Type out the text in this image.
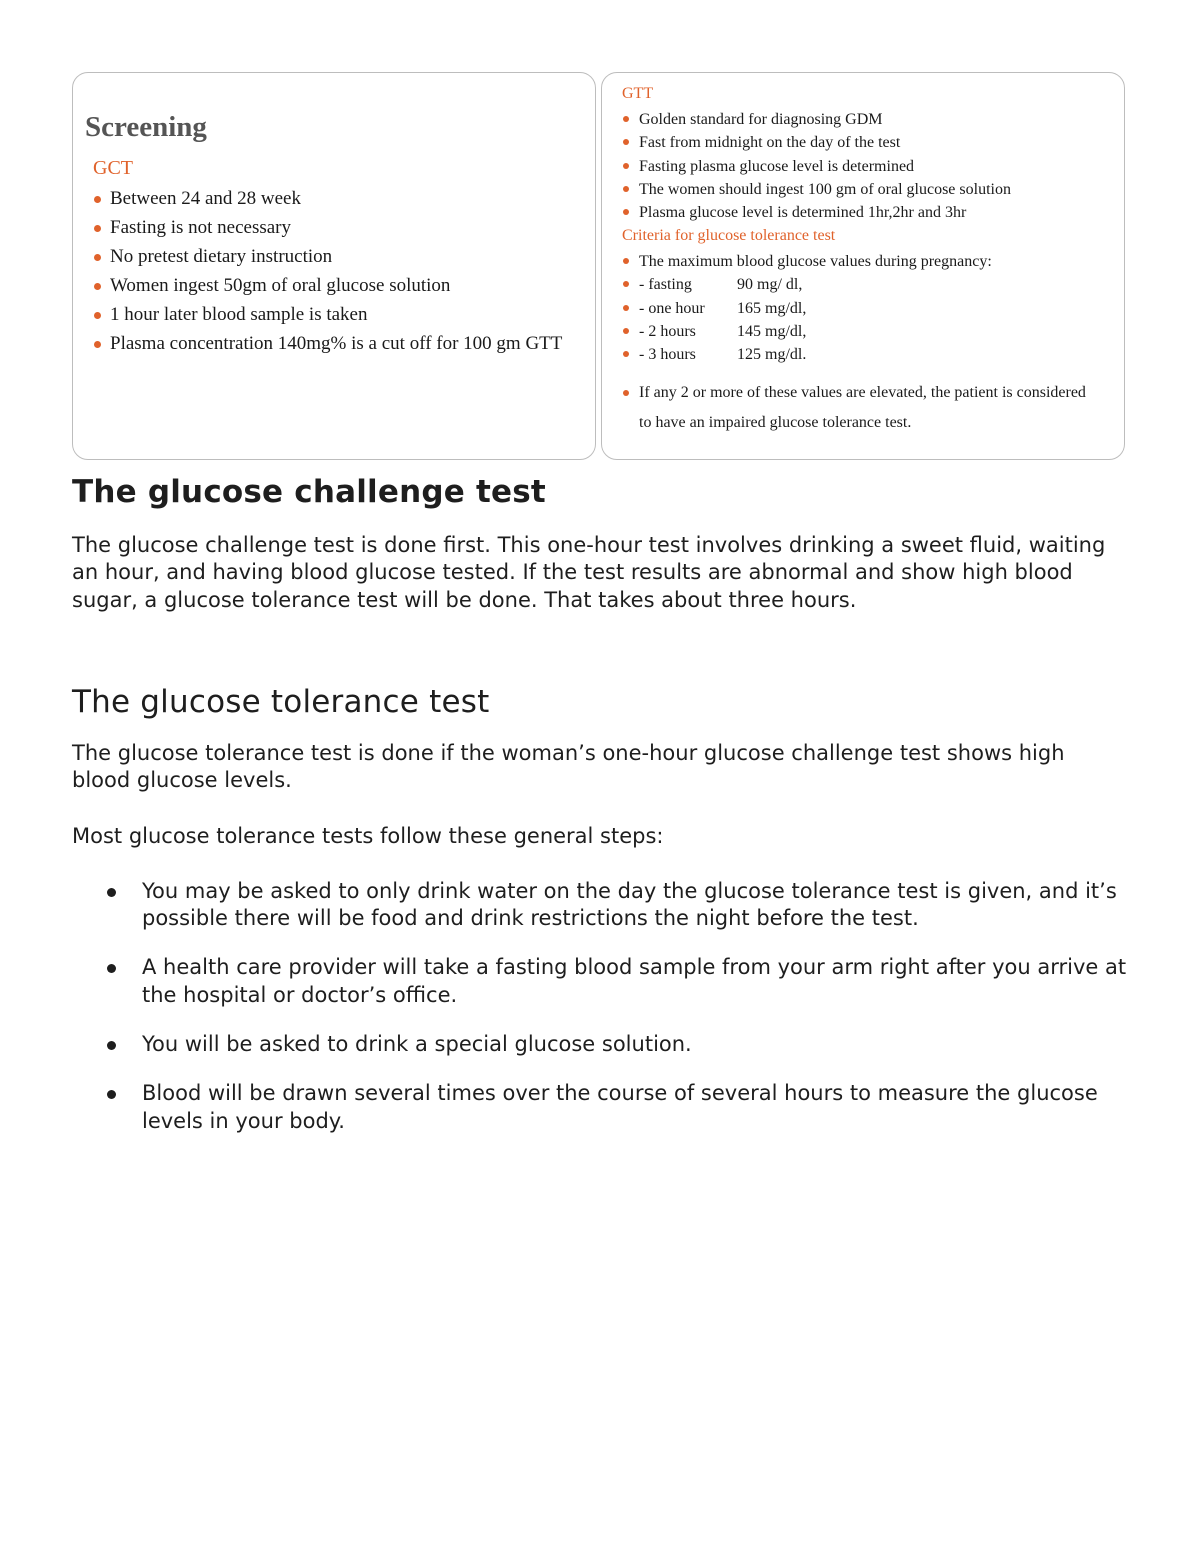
Screening
GCT
Between 24 and 28 week
Fasting is not necessary
No pretest dietary instruction
Women ingest 50gm of oral glucose solution
1 hour later blood sample is taken
Plasma concentration 140mg% is a cut off for 100 gm GTT
GTT
Golden standard for diagnosing GDM
Fast from midnight on the day of the test
Fasting plasma glucose level is determined
The women should ingest 100 gm of oral glucose solution
Plasma glucose level is determined 1hr,2hr and 3hr
Criteria for glucose tolerance test
The maximum blood glucose values during pregnancy:
- fasting	90 mg/ dl,
- one hour 165 mg/dl,
- 2 hours	145 mg/dl,
- 3 hours	125 mg/dl.
If any 2 or more of these values are elevated, the patient is considered to have an impaired glucose tolerance test.
The glucose challenge test

The glucose challenge test is done first. This one-hour test involves drinking a sweet fluid, waiting an hour, and having blood glucose tested. If the test results are abnormal and show high blood sugar, a glucose tolerance test will be done. That takes about three hours.

The glucose tolerance test

The glucose tolerance test is done if the woman’s one-hour glucose challenge test shows high blood glucose levels.

Most glucose tolerance tests follow these general steps:

You may be asked to only drink water on the day the glucose tolerance test is given, and it’s possible there will be food and drink restrictions the night before the test.
A health care provider will take a fasting blood sample from your arm right after you arrive at the hospital or doctor’s office.
You will be asked to drink a special glucose solution.
Blood will be drawn several times over the course of several hours to measure the glucose levels in your body.
